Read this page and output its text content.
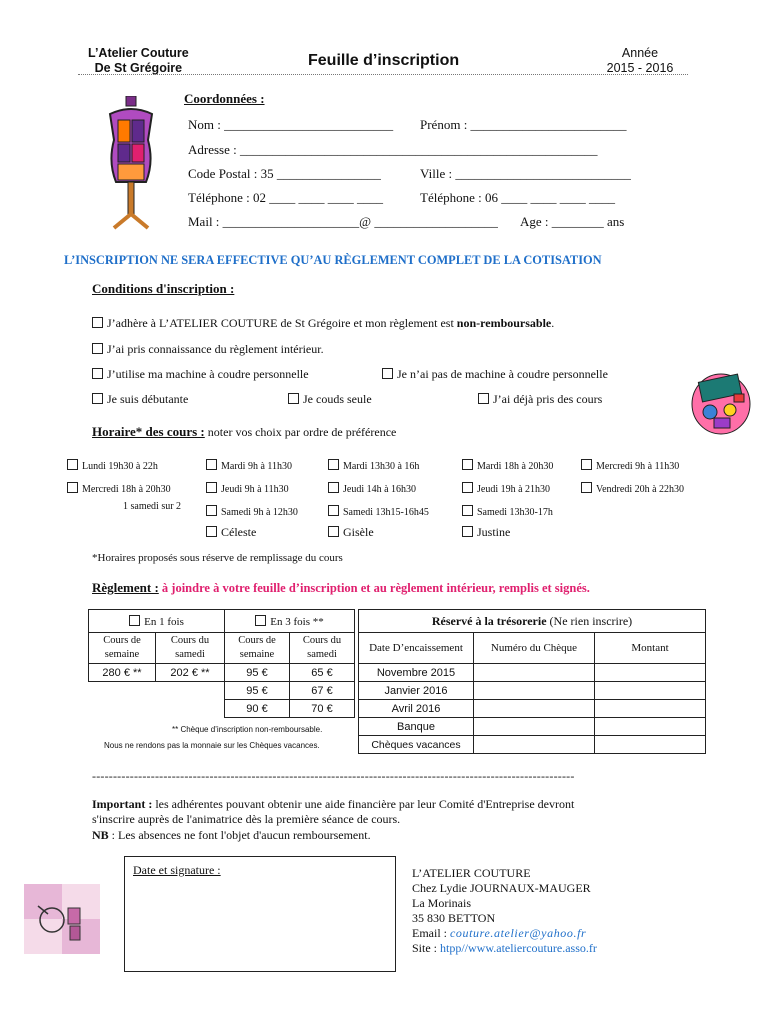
L’Atelier Couture
De St Grégoire	Feuille d’inscription	Année
2015 - 2016
Coordonnées :
Nom : __________________________ Prénom : ________________________
Adresse : _______________________________________________________
Code Postal : 35 ________________	Ville : ___________________________
Téléphone : 02 ____ ____ ____ ____	Téléphone : 06 ____ ____ ____ ____
Mail : _____________________@ ___________________ Age : ________ ans
L’INSCRIPTION NE SERA EFFECTIVE QU’AU RÈGLEMENT COMPLET DE LA COTISATION
Conditions d'inscription :
J’adhère à L’ATELIER COUTURE de St Grégoire et mon règlement est non-remboursable.
J’ai pris connaissance du règlement intérieur.
J’utilise ma machine à coudre personnelle	Je n’ai pas de machine à coudre personnelle
Je suis débutante	Je couds seule	J’ai déjà pris des cours
Horaire* des cours : noter vos choix par ordre de préférence
Lundi 19h30 à 22h	Mardi 9h à 11h30	Mardi 13h30 à 16h	Mardi 18h à 20h30	Mercredi 9h à 11h30
Mercredi 18h à 20h30	Jeudi 9h à 11h30	Jeudi 14h à 16h30	Jeudi 19h à 21h30	Vendredi 20h à 22h30
1 samedi sur 2
Samedi 9h à 12h30	Samedi 13h15-16h45	Samedi 13h30-17h
Céleste	Gisèle	Justine
*Horaires proposés sous réserve de remplissage du cours
Règlement : à joindre à votre feuille d’inscription et au règlement intérieur, remplis et signés.
En 1 fois		En 3 fois **	
Cours de semaine	Cours du samedi	Cours de semaine	Cours du samedi
280 € **	202 € **	95 €	65 €
		95 €	67 €
		90 €	70 €
** Chèque d’inscription non-remboursable.
Nous ne rendons pas la monnaie sur les Chèques vacances.
Réservé à la trésorerie (Ne rien inscrire)		
Date D’encaissement	Numéro du Chèque	Montant
Novembre 2015		
Janvier 2016		
Avril 2016		
Banque		
Chèques vacances		
-------------------------------------------------------------------------------------------------------------------
Important : les adhérentes pouvant obtenir une aide financière par leur Comité d'Entreprise devront
s'inscrire auprès de l'animatrice dès la première séance de cours.
NB : Les absences ne font l'objet d'aucun remboursement.
Date et signature :	L’ATELIER COUTURE
Chez Lydie JOURNAUX-MAUGER
La Morinais
35 830 BETTON
Email : couture.atelier@yahoo.fr
Site : htpp//www.ateliercouture.asso.fr
